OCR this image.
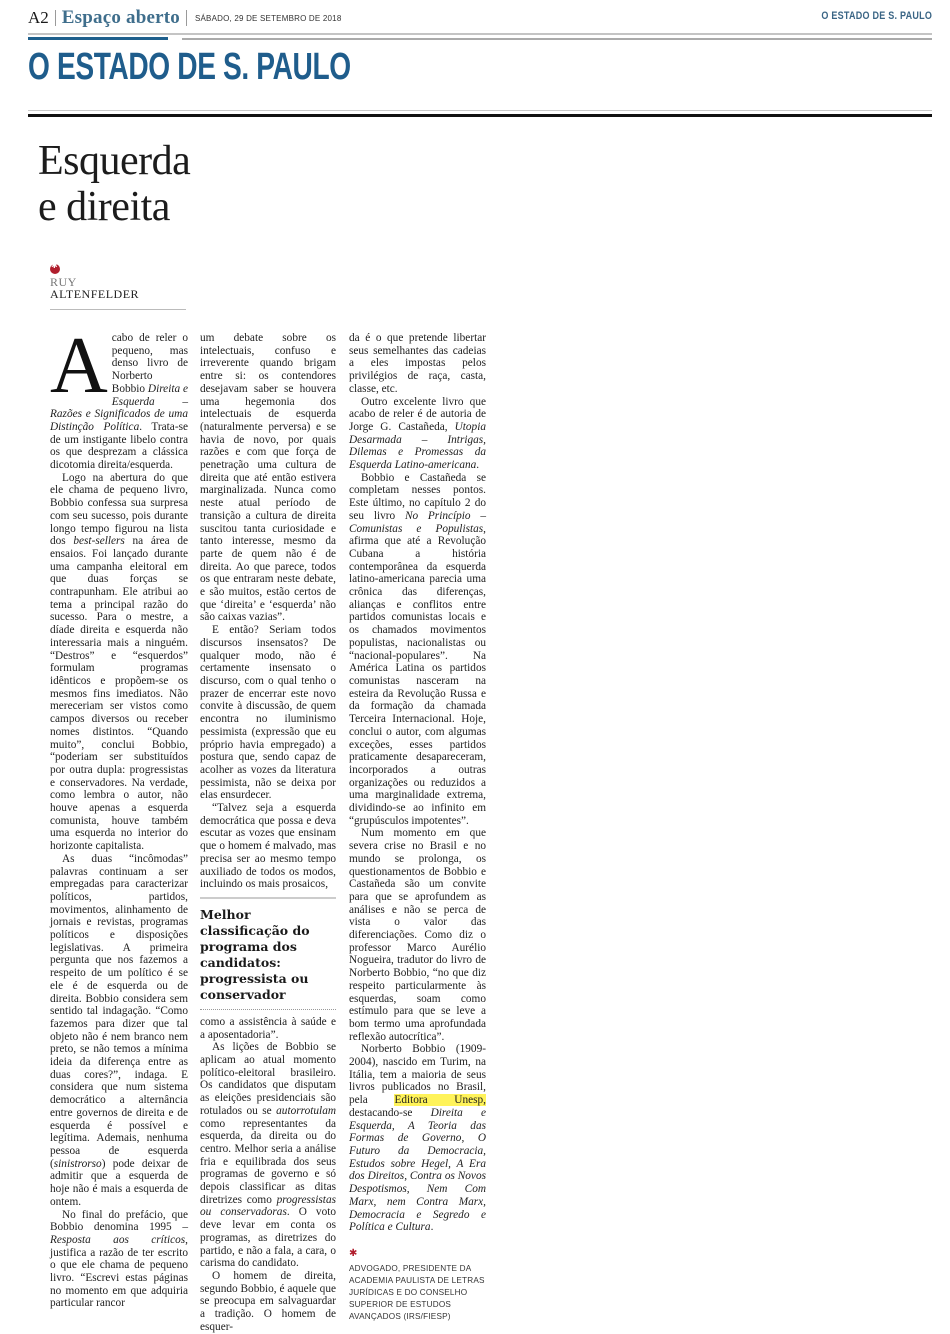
A2 Espaço aberto SÁBADO, 29 DE SETEMBRO DE 2018	O ESTADO DE S. PAULO
O ESTADO DE S. PAULO
Esquerda
e direita
✱
RUY
ALTENFELDER

Acabo de reler o pequeno, mas denso livro de Norberto Bobbio Direita e Esquerda – Razões e Significados de uma Distinção Política. Trata-se de um instigante libelo contra os que desprezam a clássica dicotomia direita/esquerda.

Logo na abertura do que ele chama de pequeno livro, Bobbio confessa sua surpresa com seu sucesso, pois durante longo tempo figurou na lista dos best-sellers na área de ensaios. Foi lançado durante uma campanha eleitoral em que duas forças se contrapunham. Ele atribui ao tema a principal razão do sucesso. Para o mestre, a díade direita e esquerda não interessaria mais a ninguém. “Destros” e “esquerdos” formulam programas idênticos e propõem-se os mesmos fins imediatos. Não mereceriam ser vistos como campos diversos ou receber nomes distintos. “Quando muito”, conclui Bobbio, “poderiam ser substituídos por outra dupla: progressistas e conservadores. Na verdade, como lembra o autor, não houve apenas a esquerda comunista, houve também uma esquerda no interior do horizonte capitalista.

As duas “incômodas” palavras continuam a ser empregadas para caracterizar políticos, partidos, movimentos, alinhamento de jornais e revistas, programas políticos e disposições legislativas. A primeira pergunta que nos fazemos a respeito de um político é se ele é de esquerda ou de direita. Bobbio considera sem sentido tal indagação. “Como fazemos para dizer que tal objeto não é nem branco nem preto, se não temos a mínima ideia da diferença entre as duas cores?”, indaga. E considera que num sistema democrático a alternância entre governos de direita e de esquerda é possível e legítima. Ademais, nenhuma pessoa de esquerda (sinistrorso) pode deixar de admitir que a esquerda de hoje não é mais a esquerda de ontem.

No final do prefácio, que Bobbio denomina 1995 – Resposta aos críticos, justifica a razão de ter escrito o que ele chama de pequeno livro. “Escrevi estas páginas no momento em que adquiria particular rancor

um debate sobre os intelectuais, confuso e irreverente quando brigam entre si: os contendores desejavam saber se houvera uma hegemonia dos intelectuais de esquerda (naturalmente perversa) e se havia de novo, por quais razões e com que força de penetração uma cultura de direita que até então estivera marginalizada. Nunca como neste atual período de transição a cultura de direita suscitou tanta curiosidade e tanto interesse, mesmo da parte de quem não é de direita. Ao que parece, todos os que entraram neste debate, e são muitos, estão certos de que ‘direita’ e ‘esquerda’ não são caixas vazias”.

E então? Seriam todos discursos insensatos? De qualquer modo, não é certamente insensato o discurso, com o qual tenho o prazer de encerrar este novo convite à discussão, de quem encontra no iluminismo pessimista (expressão que eu próprio havia empregado) a postura que, sendo capaz de acolher as vozes da literatura pessimista, não se deixa por elas ensurdecer.

“Talvez seja a esquerda democrática que possa e deva escutar as vozes que ensinam que o homem é malvado, mas precisa ser ao mesmo tempo auxiliado de todos os modos, incluindo os mais prosaicos,

Melhor classificação do programa dos candidatos: progressista ou conservador

como a assistência à saúde e a aposentadoria”.

As lições de Bobbio se aplicam ao atual momento político-eleitoral brasileiro. Os candidatos que disputam as eleições presidenciais são rotulados ou se autorrotulam como representantes da esquerda, da direita ou do centro. Melhor seria a análise fria e equilibrada dos seus programas de governo e só depois classificar as ditas diretrizes como progressistas ou conservadoras. O voto deve levar em conta os programas, as diretrizes do partido, e não a fala, a cara, o carisma do candidato.

O homem de direita, segundo Bobbio, é aquele que se preocupa em salvaguardar a tradição. O homem de esquer-

da é o que pretende libertar seus semelhantes das cadeias a eles impostas pelos privilégios de raça, casta, classe, etc.

Outro excelente livro que acabo de reler é de autoria de Jorge G. Castañeda, Utopia Desarmada – Intrigas, Dilemas e Promessas da Esquerda Latino-americana.

Bobbio e Castañeda se completam nesses pontos. Este último, no capítulo 2 do seu livro No Princípio – Comunistas e Populistas, afirma que até a Revolução Cubana a história contemporânea da esquerda latino-americana parecia uma crônica das diferenças, alianças e conflitos entre partidos comunistas locais e os chamados movimentos populistas, nacionalistas ou “nacional-populares”. Na América Latina os partidos comunistas nasceram na esteira da Revolução Russa e da formação da chamada Terceira Internacional. Hoje, conclui o autor, com algumas exceções, esses partidos praticamente desapareceram, incorporados a outras organizações ou reduzidos a uma marginalidade extrema, dividindo-se ao infinito em “grupúsculos impotentes”.

Num momento em que severa crise no Brasil e no mundo se prolonga, os questionamentos de Bobbio e Castañeda são um convite para que se aprofundem as análises e não se perca de vista o valor das diferenciações. Como diz o professor Marco Aurélio Nogueira, tradutor do livro de Norberto Bobbio, “no que diz respeito particularmente às esquerdas, soam como estímulo para que se leve a bom termo uma aprofundada reflexão autocrítica”.

Norberto Bobbio (1909-2004), nascido em Turim, na Itália, tem a maioria de seus livros publicados no Brasil, pela Editora Unesp, destacando-se Direita e Esquerda, A Teoria das Formas de Governo, O Futuro da Democracia, Estudos sobre Hegel, A Era dos Direitos, Contra os Novos Despotismos, Nem Com Marx, nem Contra Marx, Democracia e Segredo e Política e Cultura.

✱
ADVOGADO, PRESIDENTE DA ACADEMIA PAULISTA DE LETRAS JURÍDICAS E DO CONSELHO SUPERIOR DE ESTUDOS AVANÇADOS (IRS/FIESP)
